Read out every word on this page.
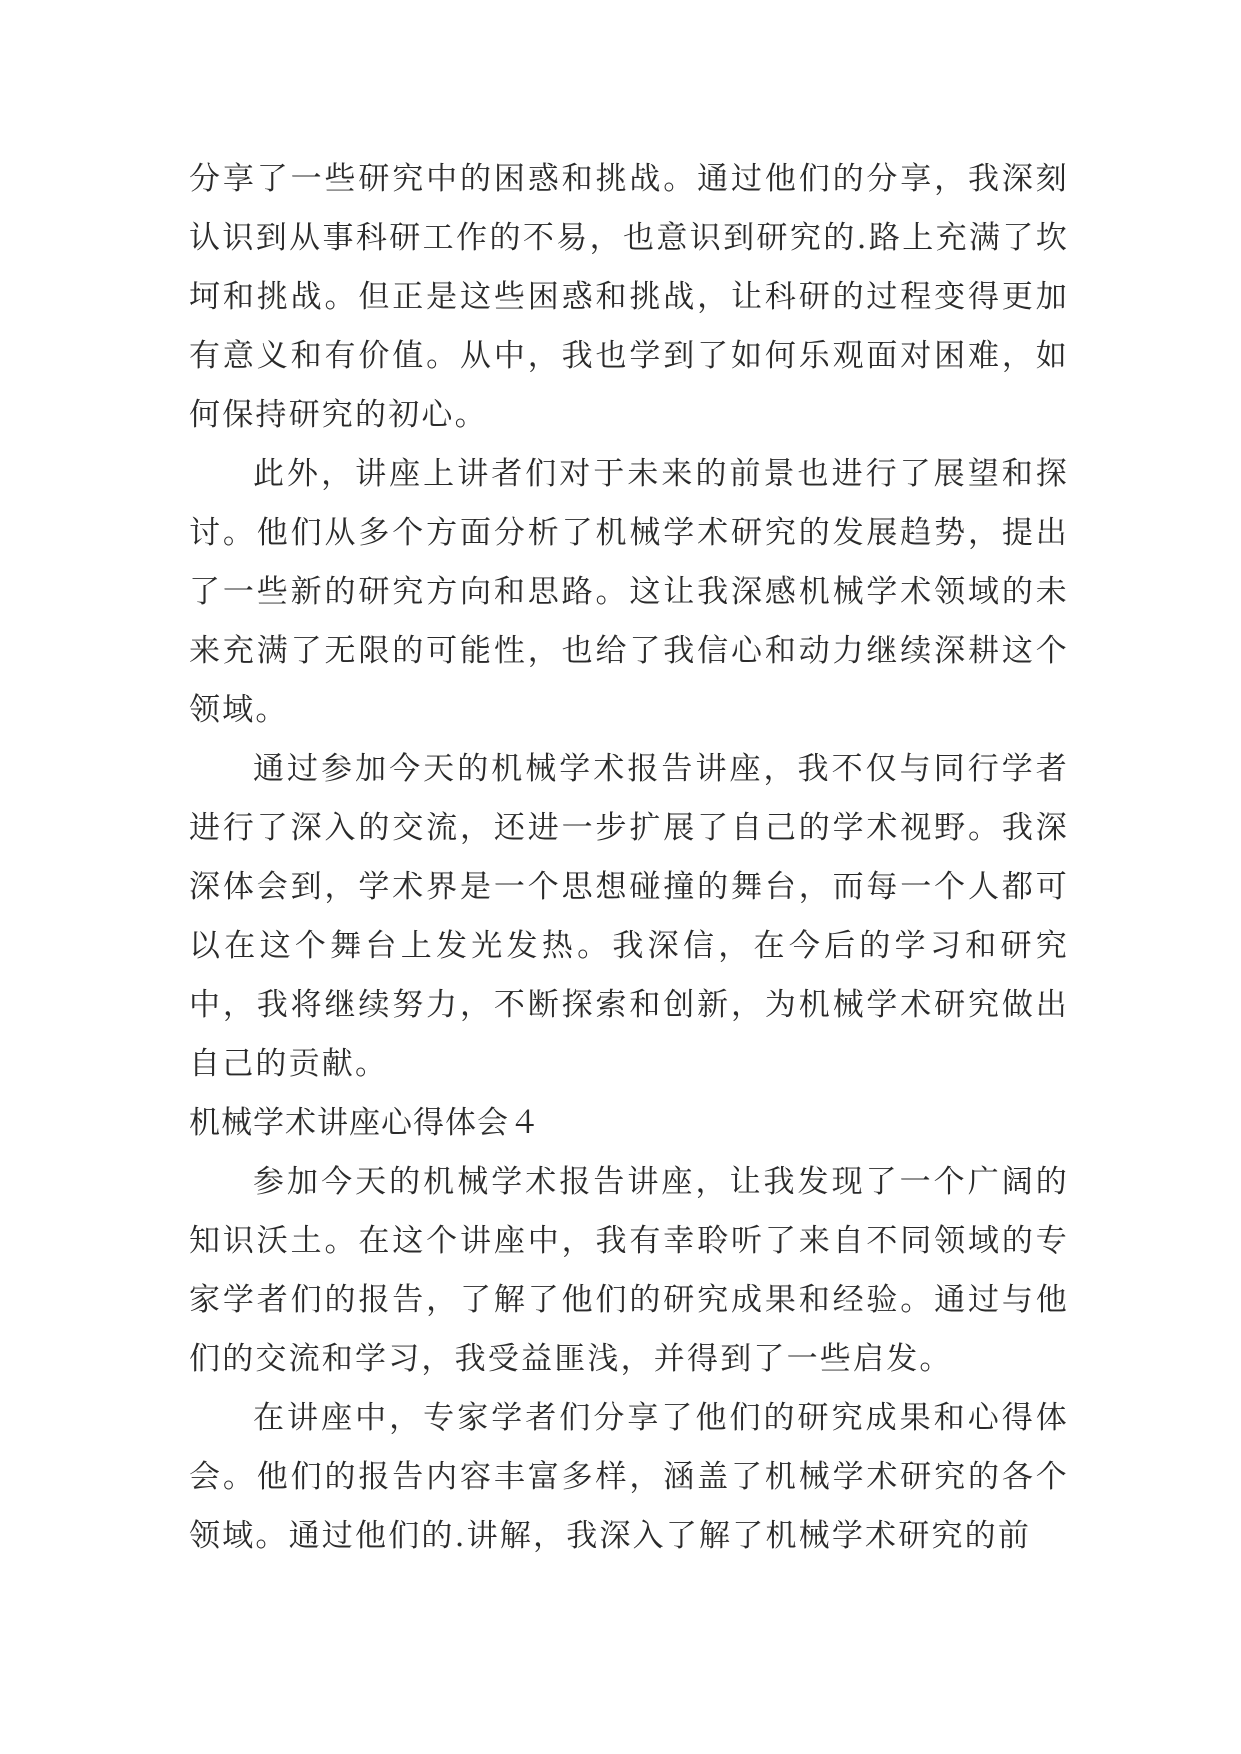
分享了一些研究中的困惑和挑战。通过他们的分享，我深刻认识到从事科研工作的不易，也意识到研究的.路上充满了坎坷和挑战。但正是这些困惑和挑战，让科研的过程变得更加有意义和有价值。从中，我也学到了如何乐观面对困难，如何保持研究的初心。

此外，讲座上讲者们对于未来的前景也进行了展望和探讨。他们从多个方面分析了机械学术研究的发展趋势，提出了一些新的研究方向和思路。这让我深感机械学术领域的未来充满了无限的可能性，也给了我信心和动力继续深耕这个领域。

通过参加今天的机械学术报告讲座，我不仅与同行学者进行了深入的交流，还进一步扩展了自己的学术视野。我深深体会到，学术界是一个思想碰撞的舞台，而每一个人都可以在这个舞台上发光发热。我深信，在今后的学习和研究中，我将继续努力，不断探索和创新，为机械学术研究做出自己的贡献。

机械学术讲座心得体会４

参加今天的机械学术报告讲座，让我发现了一个广阔的知识沃土。在这个讲座中，我有幸聆听了来自不同领域的专家学者们的报告，了解了他们的研究成果和经验。通过与他们的交流和学习，我受益匪浅，并得到了一些启发。

在讲座中，专家学者们分享了他们的研究成果和心得体会。他们的报告内容丰富多样，涵盖了机械学术研究的各个领域。通过他们的.讲解，我深入了解了机械学术研究的前
